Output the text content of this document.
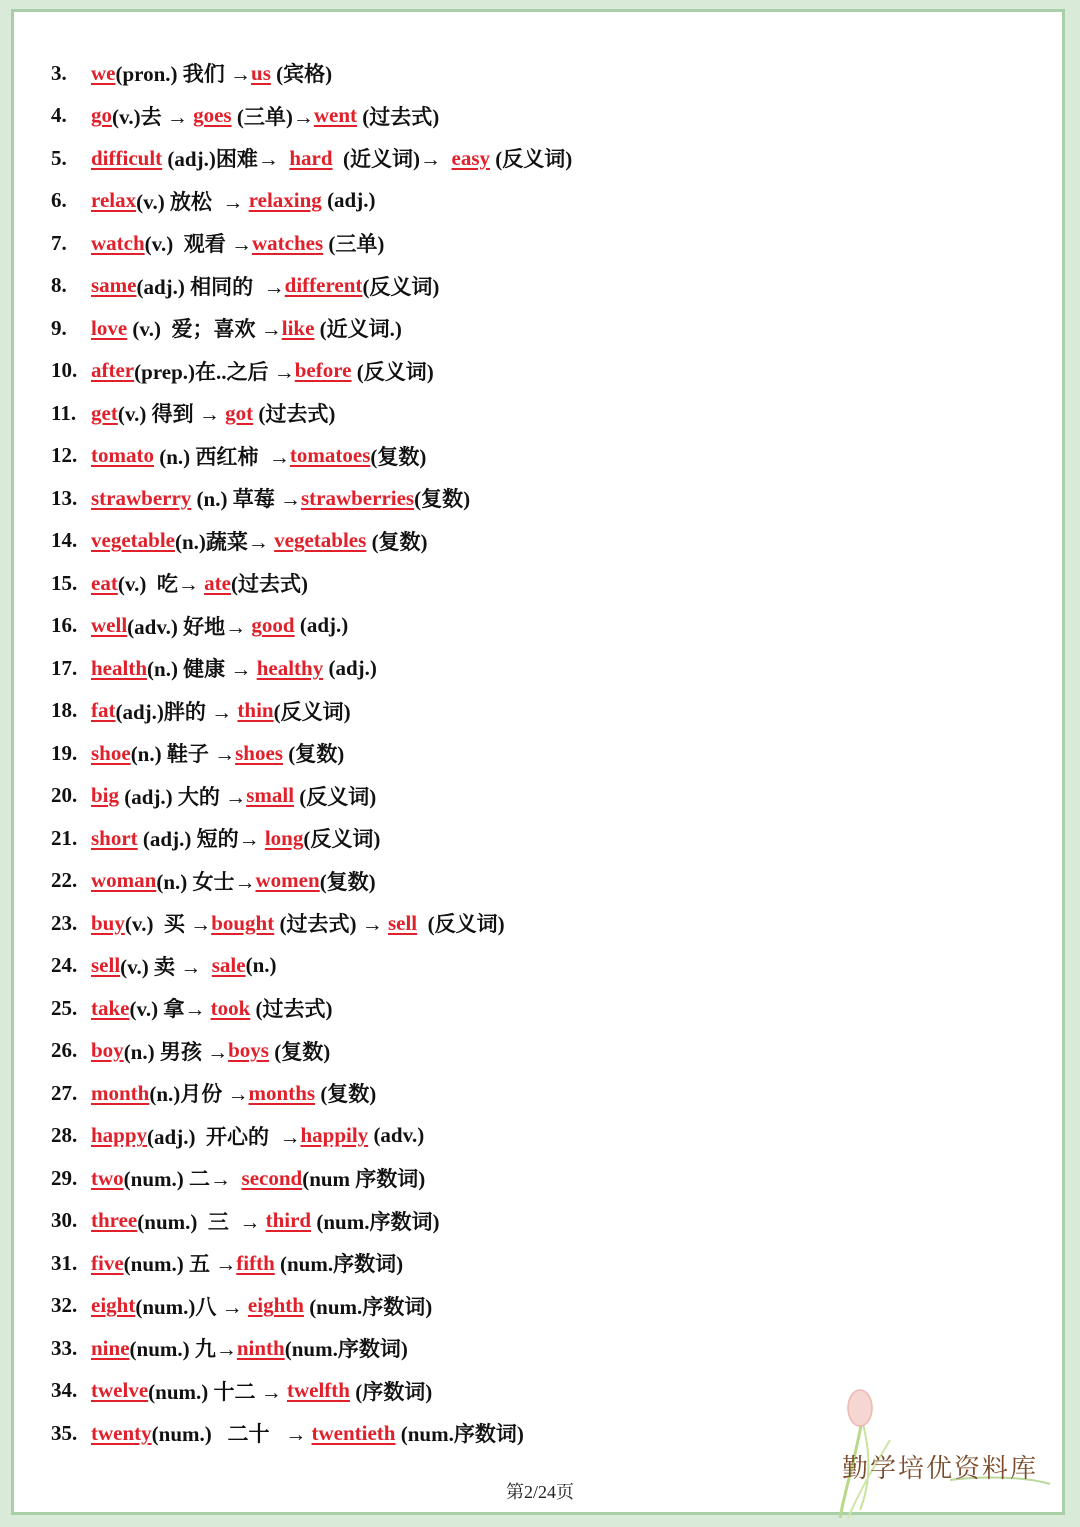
3.	we (pron.) 我们 → us (宾格)
4.	go (v.)去 → goes (三单)→ went (过去式)
5.	difficult (adj.)困难→ hard (近义词)→ easy (反义词)
6.	relax (v.) 放松  → relaxing (adj.)
7.	watch (v.)  观看 → watches (三单)
8.	same (adj.) 相同的  → different (反义词)
9.	love (v.)  爱；喜欢 → like (近义词.)
10. after (prep.)在..之后 → before (反义词)
11. get (v.) 得到 → got (过去式)
12. tomato (n.) 西红柿  → tomatoes (复数)
13. strawberry (n.) 草莓 → strawberries (复数)
14. vegetable (n.)蔬菜→ vegetables (复数)
15. eat (v.)  吃→ ate (过去式)
16. well (adv.) 好地→ good (adj.)
17. health (n.) 健康 → healthy (adj.)
18. fat (adj.)胖的 → thin (反义词)
19. shoe (n.) 鞋子 → shoes (复数)
20. big (adj.) 大的 → small (反义词)
21. short (adj.) 短的→ long (反义词)
22. woman (n.) 女士→ women (复数)
23. buy (v.)  买 → bought (过去式) → sell (反义词)
24. sell (v.) 卖 → sale (n.)
25. take (v.) 拿→ took (过去式)
26. boy (n.) 男孩 → boys (复数)
27. month (n.)月份 → months (复数)
28. happy (adj.)  开心的  → happily (adv.)
29. two (num.) 二→ second (num 序数词)
30. three (num.)  三  → third (num.序数词)
31. five (num.) 五 → fifth (num.序数词)
32. eight (num.)八 → eighth (num.序数词)
33. nine (num.) 九→ ninth (num.序数词)
34. twelve (num.) 十二 → twelfth (序数词)
35. twenty (num.)   二十   → twentieth (num.序数词)
第2/24页
勤学培优资料库
